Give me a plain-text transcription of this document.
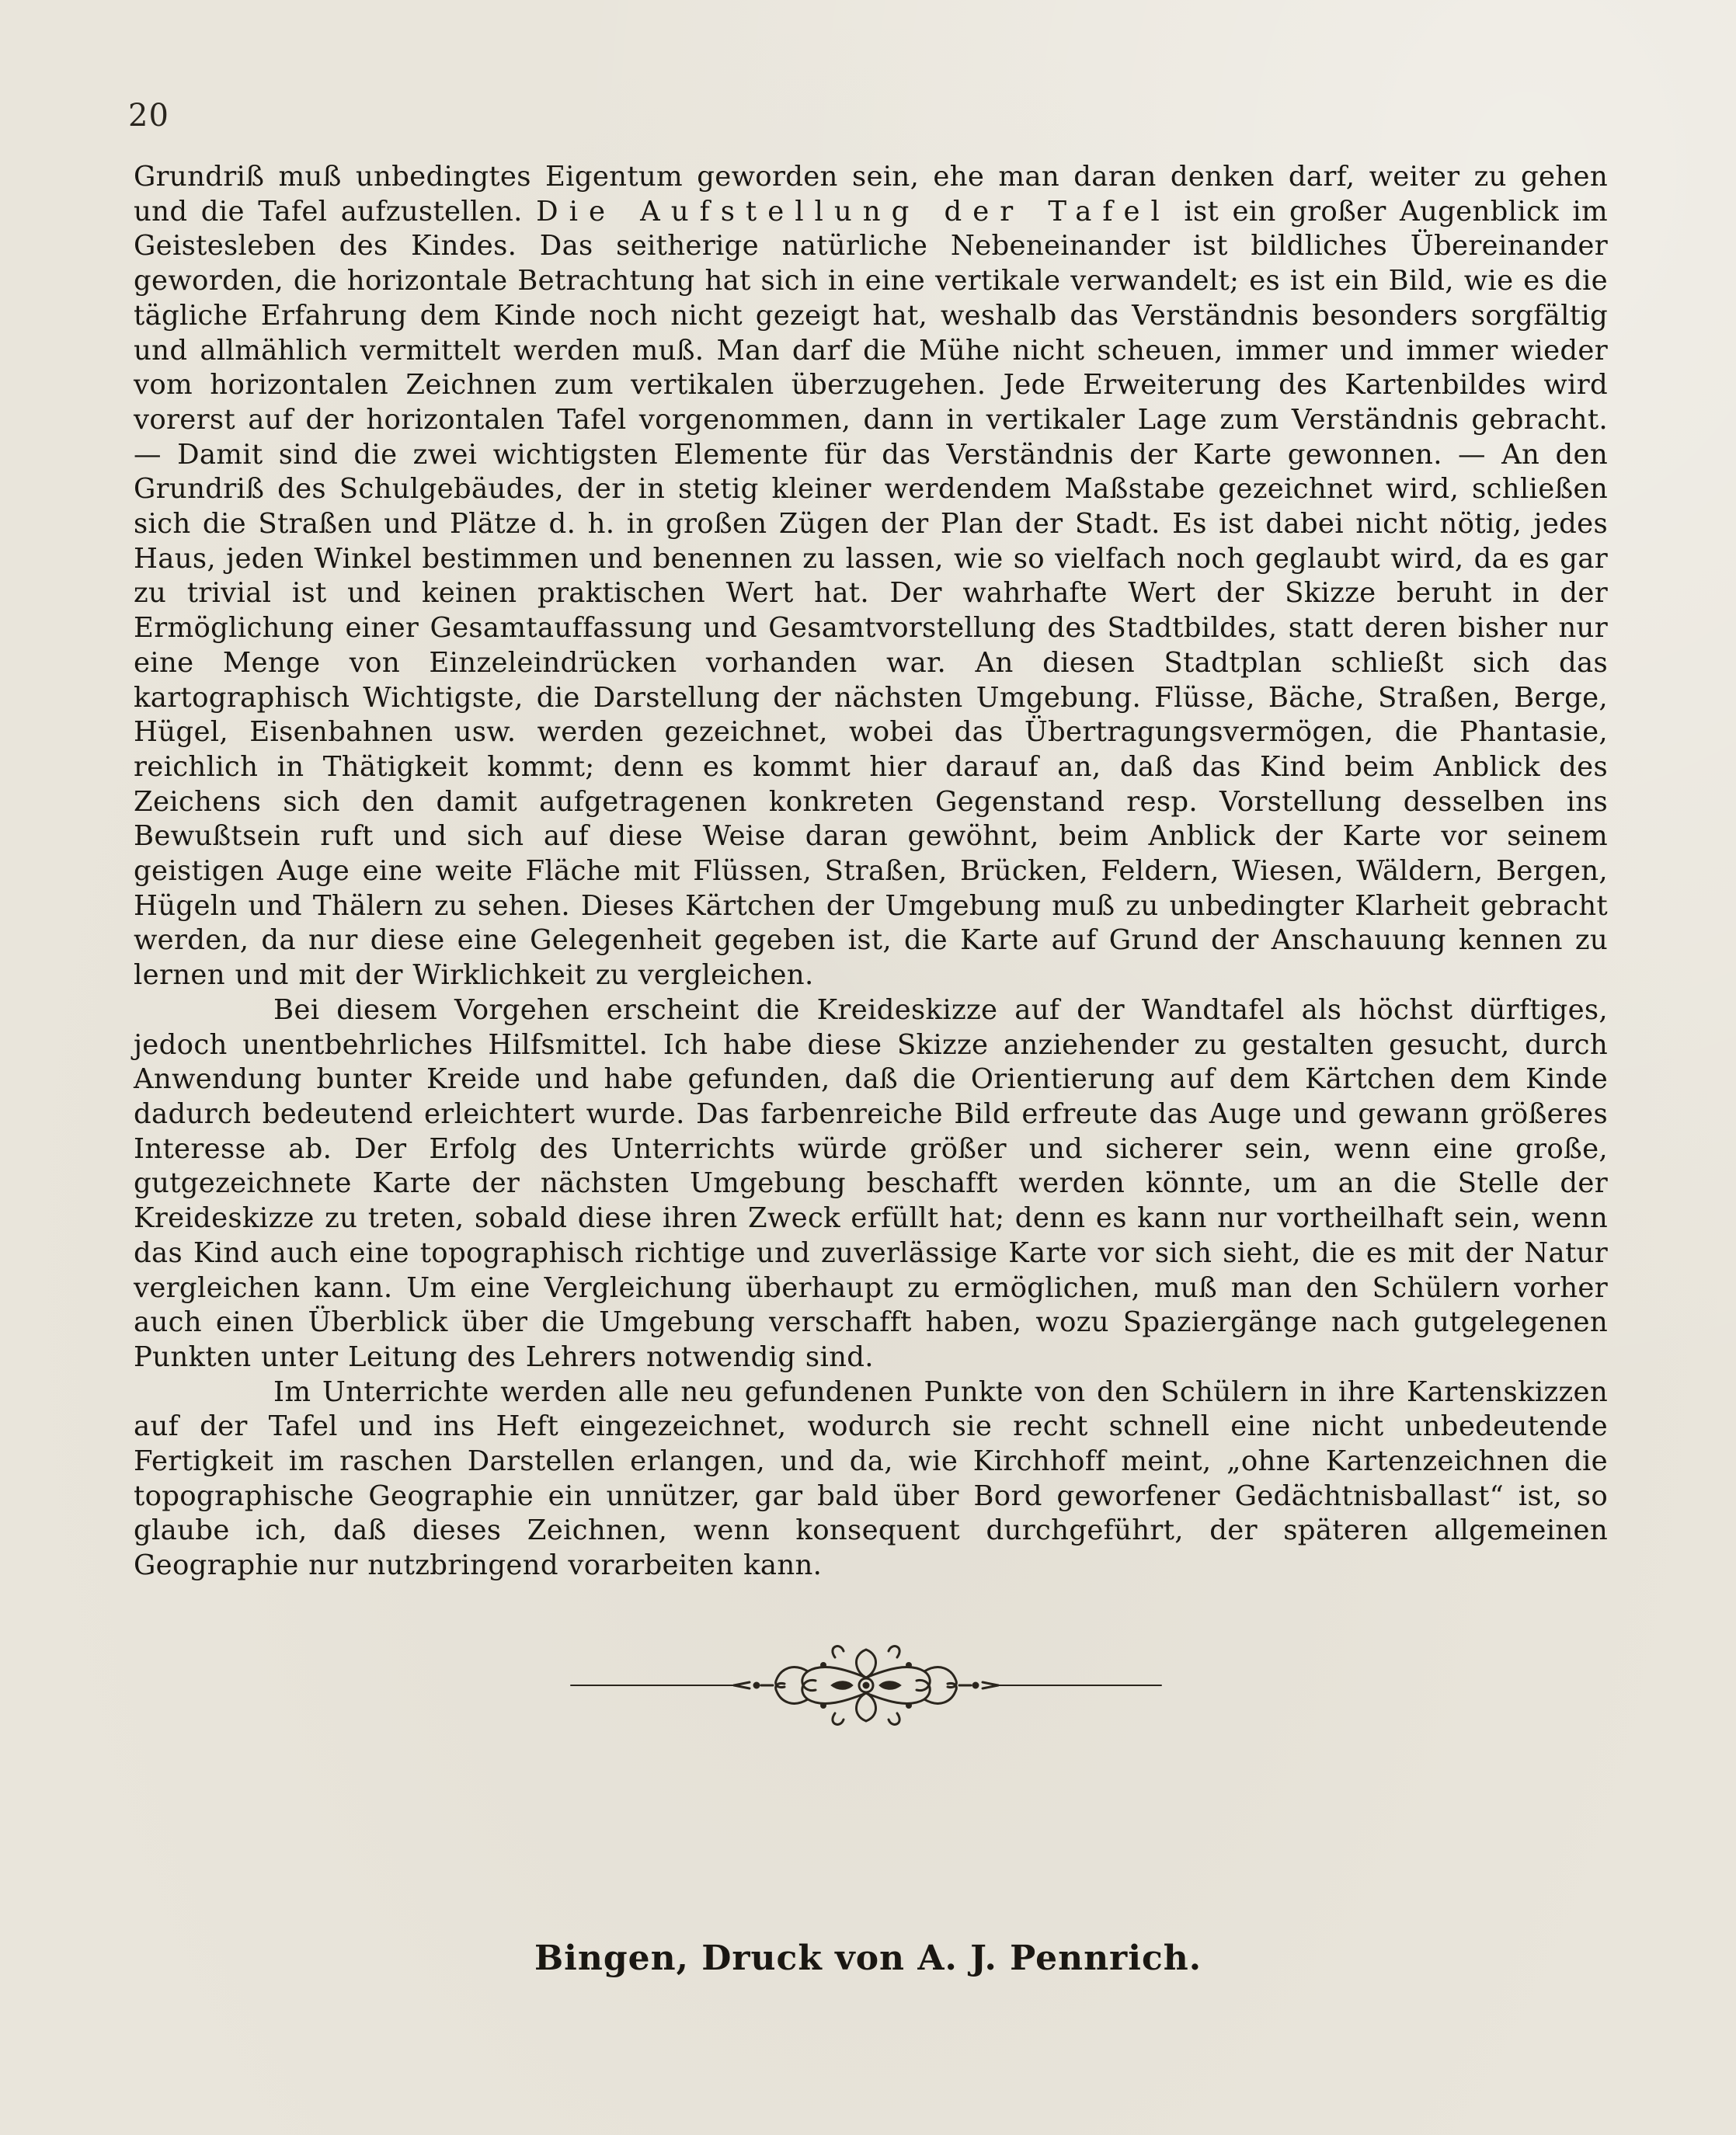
20

Grundriß muß unbedingtes Eigentum geworden sein, ehe man daran denken darf, weiter zu gehen und die Tafel aufzustellen. Die Aufstellung der Tafel ist ein großer Augenblick im Geistesleben des Kindes. Das seitherige natürliche Nebeneinander ist bildliches Übereinander geworden, die horizontale Betrachtung hat sich in eine vertikale verwandelt; es ist ein Bild, wie es die tägliche Erfahrung dem Kinde noch nicht gezeigt hat, weshalb das Verständnis besonders sorgfältig und allmählich vermittelt werden muß. Man darf die Mühe nicht scheuen, immer und immer wieder vom horizontalen Zeichnen zum vertikalen überzugehen. Jede Erweiterung des Kartenbildes wird vorerst auf der horizontalen Tafel vorgenommen, dann in vertikaler Lage zum Verständnis gebracht. — Damit sind die zwei wichtigsten Elemente für das Verständnis der Karte gewonnen. — An den Grundriß des Schulgebäudes, der in stetig kleiner werdendem Maßstabe gezeichnet wird, schließen sich die Straßen und Plätze d. h. in großen Zügen der Plan der Stadt. Es ist dabei nicht nötig, jedes Haus, jeden Winkel bestimmen und benennen zu lassen, wie so vielfach noch geglaubt wird, da es gar zu trivial ist und keinen praktischen Wert hat. Der wahrhafte Wert der Skizze beruht in der Ermöglichung einer Gesamtauffassung und Gesamtvorstellung des Stadtbildes, statt deren bisher nur eine Menge von Einzeleindrücken vorhanden war. An diesen Stadtplan schließt sich das kartographisch Wichtigste, die Darstellung der nächsten Umgebung. Flüsse, Bäche, Straßen, Berge, Hügel, Eisenbahnen usw. werden gezeichnet, wobei das Übertragungsvermögen, die Phantasie, reichlich in Thätigkeit kommt; denn es kommt hier darauf an, daß das Kind beim Anblick des Zeichens sich den damit aufgetragenen konkreten Gegenstand resp. Vorstellung desselben ins Bewußtsein ruft und sich auf diese Weise daran gewöhnt, beim Anblick der Karte vor seinem geistigen Auge eine weite Fläche mit Flüssen, Straßen, Brücken, Feldern, Wiesen, Wäldern, Bergen, Hügeln und Thälern zu sehen. Dieses Kärtchen der Umgebung muß zu unbedingter Klarheit gebracht werden, da nur diese eine Gelegenheit gegeben ist, die Karte auf Grund der Anschauung kennen zu lernen und mit der Wirklichkeit zu vergleichen.

Bei diesem Vorgehen erscheint die Kreideskizze auf der Wandtafel als höchst dürftiges, jedoch unentbehrliches Hilfsmittel. Ich habe diese Skizze anziehender zu gestalten gesucht, durch Anwendung bunter Kreide und habe gefunden, daß die Orientierung auf dem Kärtchen dem Kinde dadurch bedeutend erleichtert wurde. Das farbenreiche Bild erfreute das Auge und gewann größeres Interesse ab. Der Erfolg des Unterrichts würde größer und sicherer sein, wenn eine große, gutgezeichnete Karte der nächsten Umgebung beschafft werden könnte, um an die Stelle der Kreideskizze zu treten, sobald diese ihren Zweck erfüllt hat; denn es kann nur vortheilhaft sein, wenn das Kind auch eine topographisch richtige und zuverlässige Karte vor sich sieht, die es mit der Natur vergleichen kann. Um eine Vergleichung überhaupt zu ermöglichen, muß man den Schülern vorher auch einen Überblick über die Umgebung verschafft haben, wozu Spaziergänge nach gutgelegenen Punkten unter Leitung des Lehrers notwendig sind.

Im Unterrichte werden alle neu gefundenen Punkte von den Schülern in ihre Kartenskizzen auf der Tafel und ins Heft eingezeichnet, wodurch sie recht schnell eine nicht unbedeutende Fertigkeit im raschen Darstellen erlangen, und da, wie Kirchhoff meint, „ohne Kartenzeichnen die topographische Geographie ein unnützer, gar bald über Bord geworfener Gedächtnisballast“ ist, so glaube ich, daß dieses Zeichnen, wenn konsequent durchgeführt, der späteren allgemeinen Geographie nur nutzbringend vorarbeiten kann.

Bingen, Druck von A. J. Pennrich.
